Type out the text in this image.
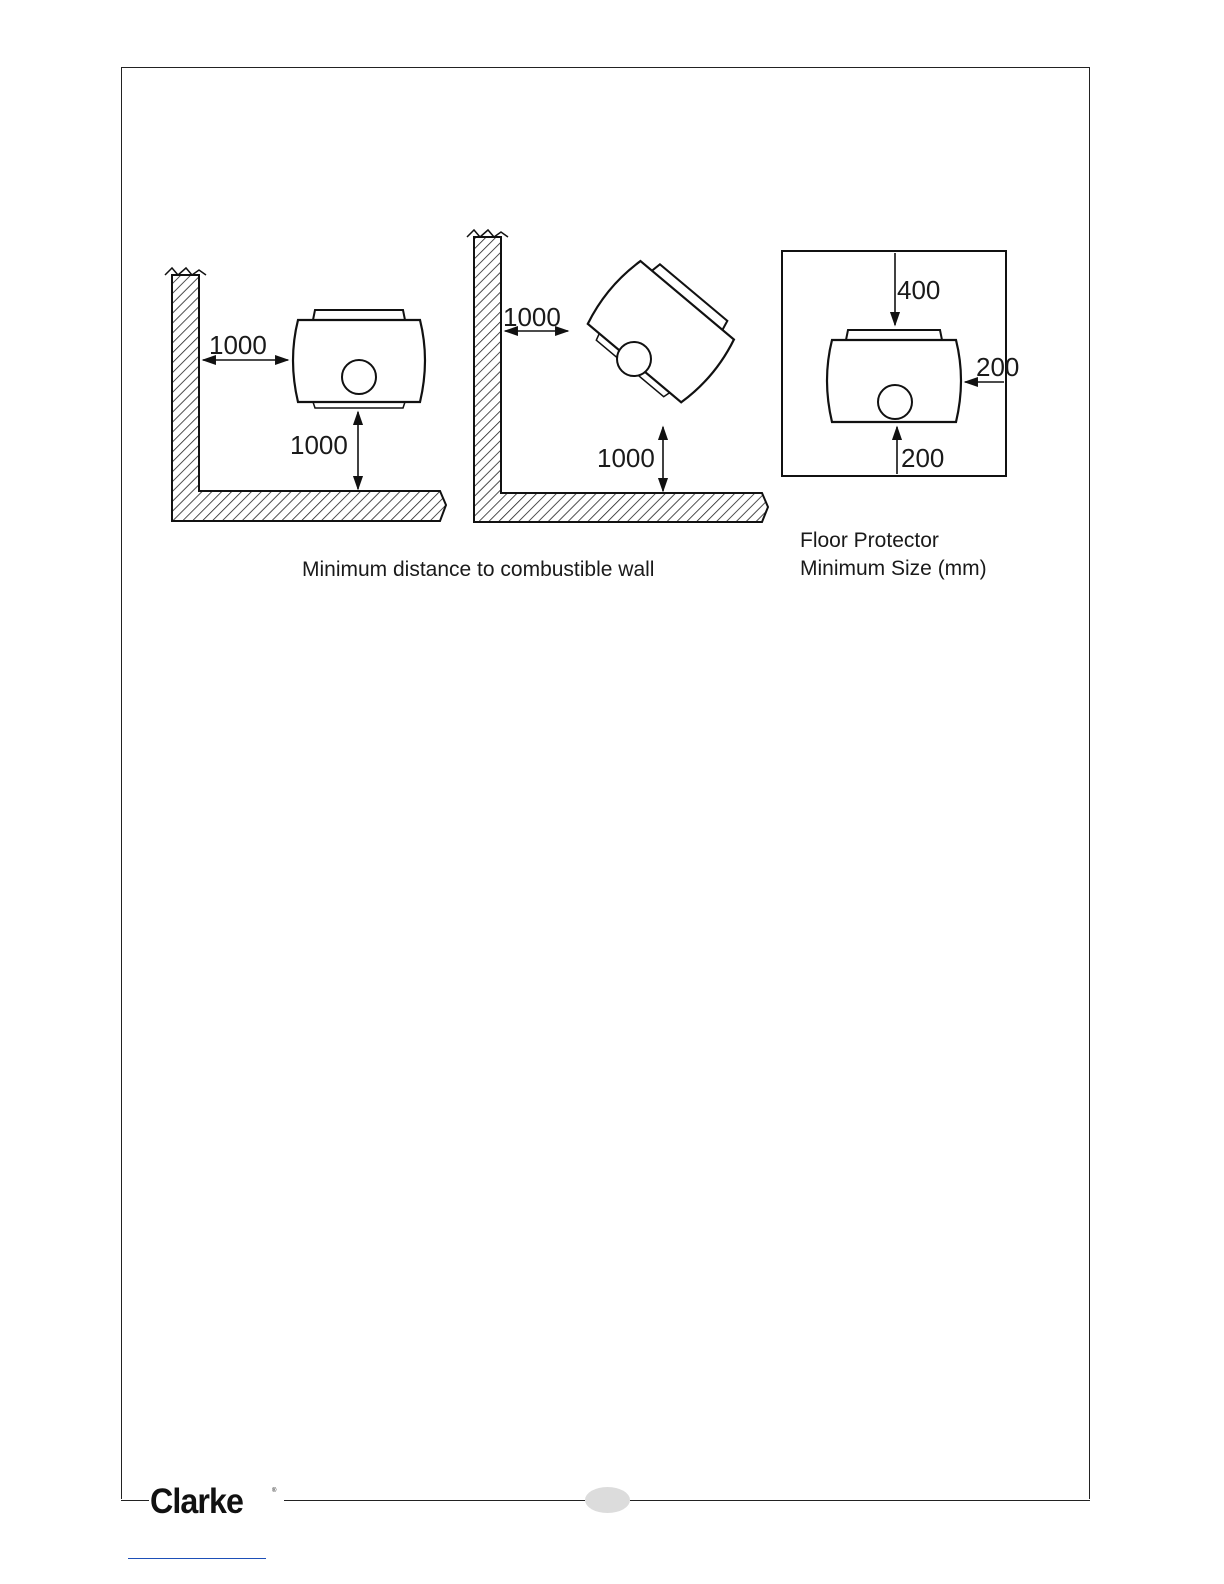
1000
1000
1000
1000
400
200
200
Minimum distance to combustible wall
Floor Protector
Minimum Size (mm)
Clarke	®
